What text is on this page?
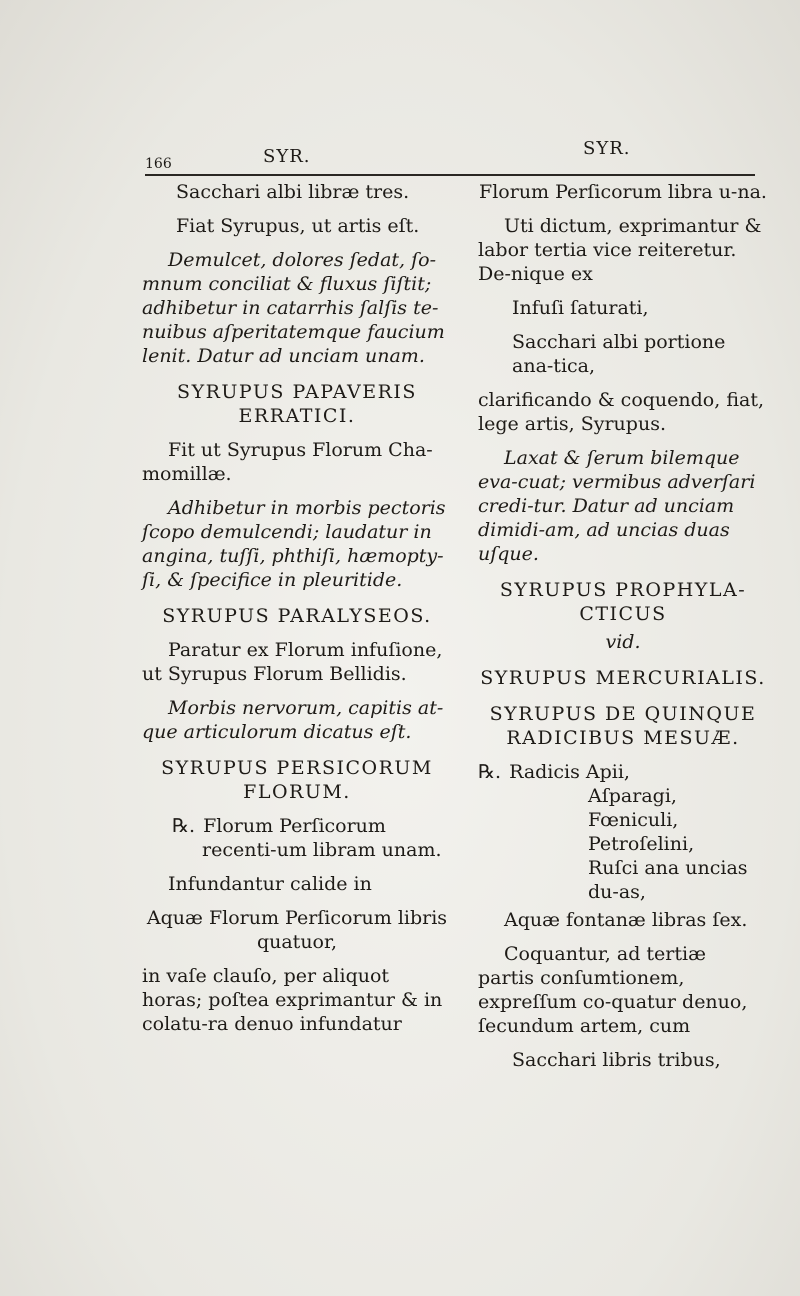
166	SYR.	SYR.

Sacchari albi libræ tres.

Fiat Syrupus, ut artis eſt.

Demulcet, dolores ſedat, ſo-mnum conciliat & fluxus ſiſtit; adhibetur in catarrhis ſalſis te-nuibus aſperitatemque faucium lenit. Datur ad unciam unam.

SYRUPUS PAPAVERIS ERRATICI.

Fit ut Syrupus Florum Cha-momillæ.

Adhibetur in morbis pectoris ſcopo demulcendi; laudatur in angina, tuſſi, phthiſi, hæmopty-ſi, & ſpecifice in pleuritide.

SYRUPUS PARALYSEOS.

Paratur ex Florum infuſione, ut Syrupus Florum Bellidis.

Morbis nervorum, capitis at-que articulorum dicatus eſt.

SYRUPUS PERSICORUM FLORUM.

℞. Florum Perſicorum recenti-um libram unam.

Infundantur calide in

Aquæ Florum Perſicorum libris quatuor,

in vaſe clauſo, per aliquot horas; poſtea exprimantur & in colatu-ra denuo infundatur

Florum Perſicorum libra u-na.

Uti dictum, exprimantur & labor tertia vice reiteretur. De-nique ex

Infuſi ſaturati,

Sacchari albi portione ana-tica,

clarificando & coquendo, fiat, lege artis, Syrupus.

Laxat & ſerum bilemque eva-cuat; vermibus adverſari credi-tur. Datur ad unciam dimidi-am, ad uncias duas uſque.

SYRUPUS PROPHYLA-CTICUS
vid.
SYRUPUS MERCURIALIS.
SYRUPUS DE QUINQUE RADICIBUS MESUÆ.

℞. Radicis Apii,

Aſparagi,
Fœniculi,
Petroſelini,
Ruſci ana uncias du-as,

Aquæ fontanæ libras ſex.

Coquantur, ad tertiæ partis conſumtionem, expreſſum co-quatur denuo, ſecundum artem, cum

Sacchari libris tribus,
